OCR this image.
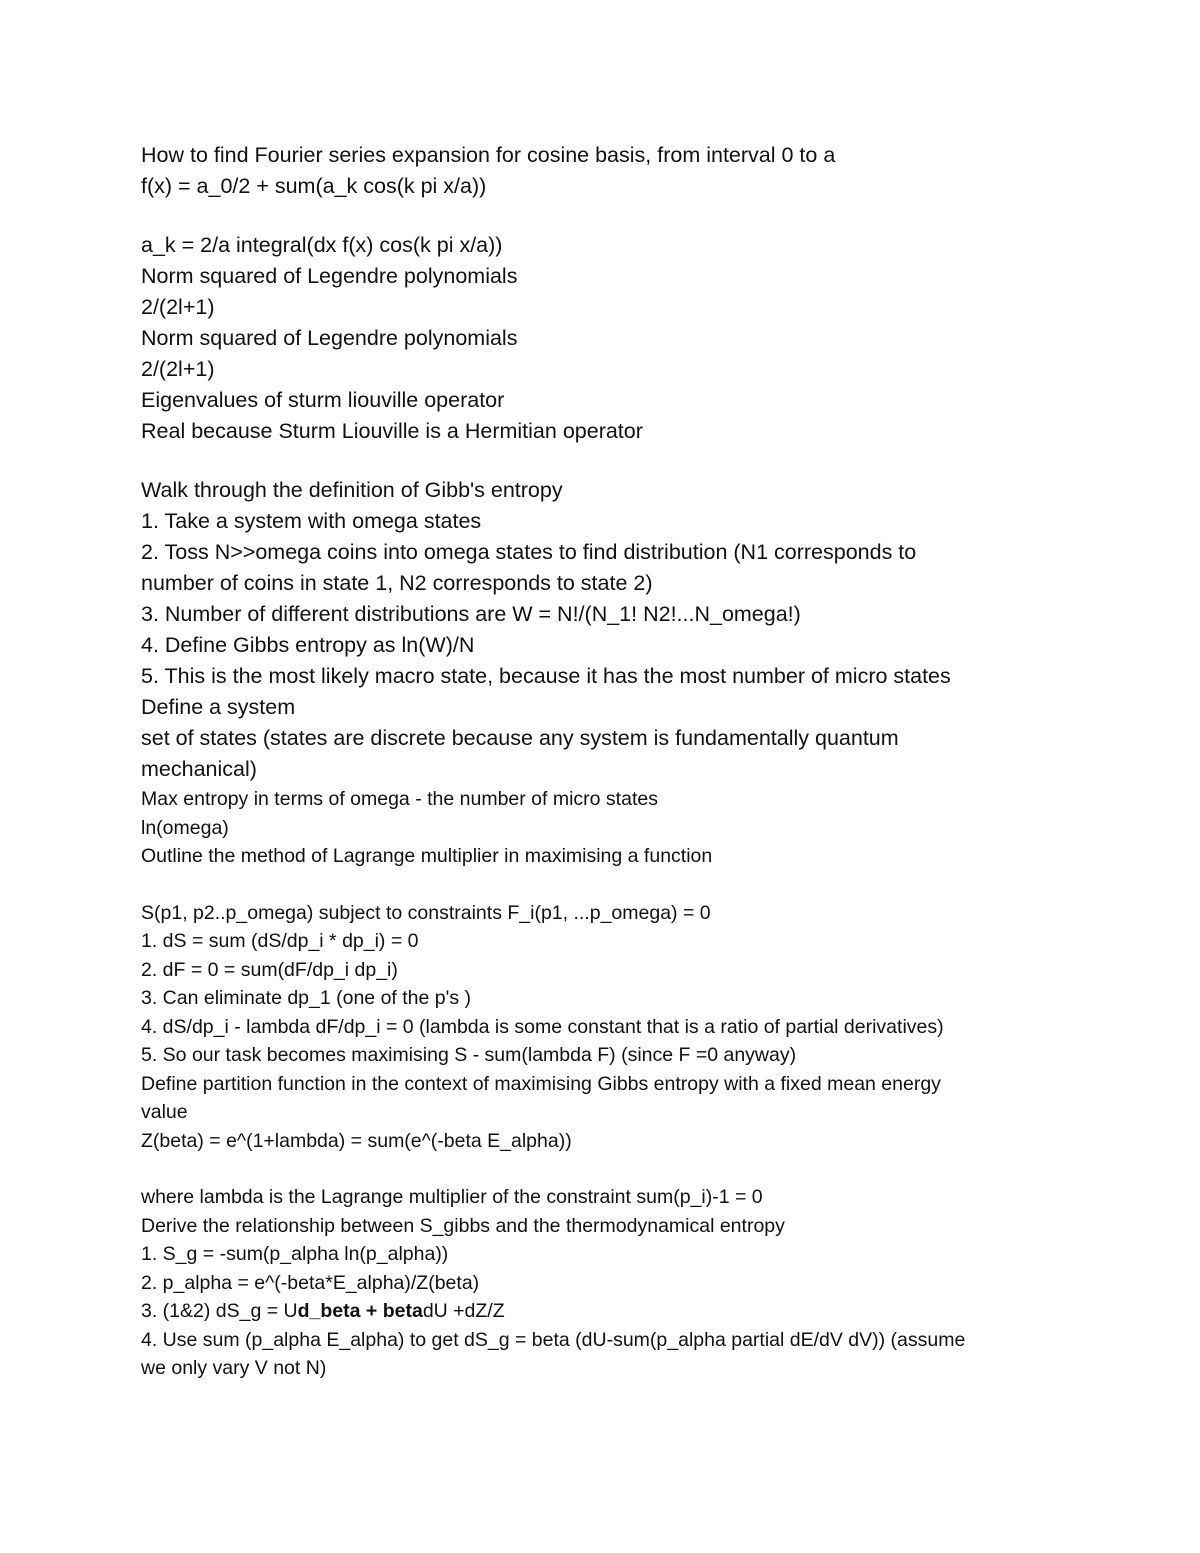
How to find Fourier series expansion for cosine basis, from interval 0 to a

f(x) = a_0/2 + sum(a_k cos(k pi x/a))

a_k = 2/a integral(dx f(x) cos(k pi x/a))

Norm squared of Legendre polynomials

2/(2l+1)

Norm squared of Legendre polynomials

2/(2l+1)

Eigenvalues of sturm liouville operator

Real because Sturm Liouville is a Hermitian operator

Walk through the definition of Gibb's entropy

1. Take a system with omega states

2. Toss N>>omega coins into omega states to find distribution (N1 corresponds to

number of coins in state 1, N2 corresponds to state 2)

3. Number of different distributions are W = N!/(N_1! N2!...N_omega!)

4. Define Gibbs entropy as ln(W)/N

5. This is the most likely macro state, because it has the most number of micro states

Define a system

set of states (states are discrete because any system is fundamentally quantum

mechanical)

Max entropy in terms of omega - the number of micro states

ln(omega)

Outline the method of Lagrange multiplier in maximising a function

S(p1, p2..p_omega) subject to constraints F_i(p1, ...p_omega) = 0

1. dS = sum (dS/dp_i * dp_i) = 0

2. dF = 0 = sum(dF/dp_i dp_i)

3. Can eliminate dp_1 (one of the p's )

4. dS/dp_i - lambda dF/dp_i = 0 (lambda is some constant that is a ratio of partial derivatives)

5. So our task becomes maximising S - sum(lambda F) (since F =0 anyway)

Define partition function in the context of maximising Gibbs entropy with a fixed mean energy

value

Z(beta) = e^(1+lambda) = sum(e^(-beta E_alpha))

where lambda is the Lagrange multiplier of the constraint sum(p_i)-1 = 0

Derive the relationship between S_gibbs and the thermodynamical entropy

1. S_g = -sum(p_alpha ln(p_alpha))

2. p_alpha = e^(-beta*E_alpha)/Z(beta)

3. (1&2) dS_g = Ud_beta + betadU +dZ/Z

4. Use sum (p_alpha E_alpha) to get dS_g = beta (dU-sum(p_alpha partial dE/dV dV)) (assume

we only vary V not N)
